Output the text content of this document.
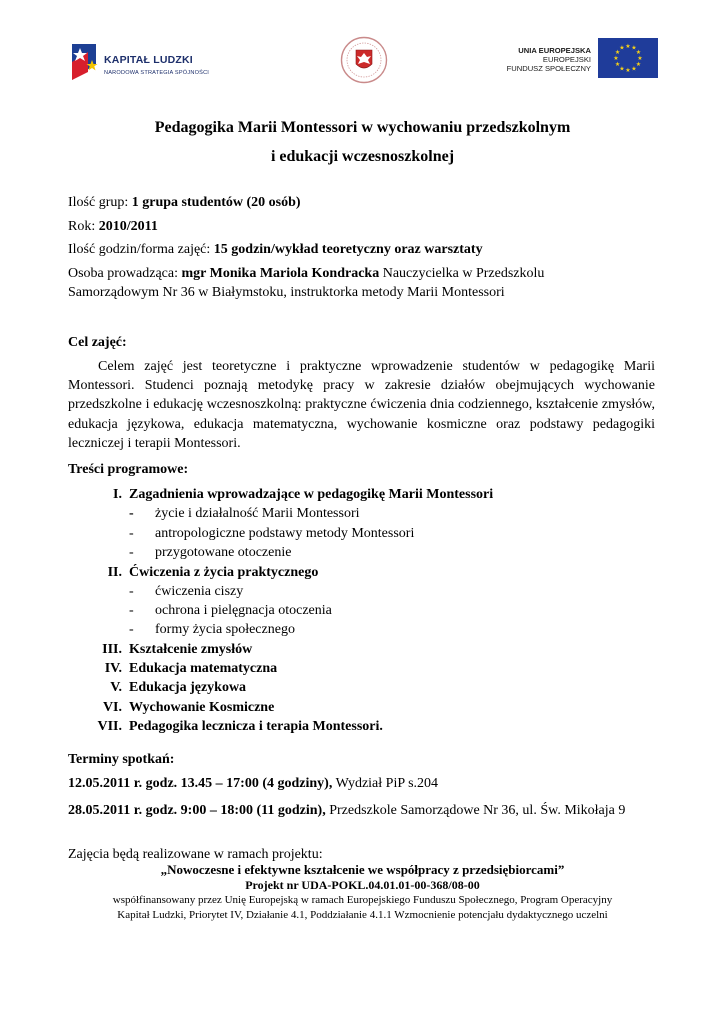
KAPITAŁ LUDZKI
NARODOWA STRATEGIA SPÓJNOŚCI
UNIA EUROPEJSKA
EUROPEJSKI
FUNDUSZ SPOŁECZNY
★ ★
★
★
★
★
★
★
★
★
★
★
Pedagogika Marii Montessori w wychowaniu przedszkolnym
i edukacji wczesnoszkolnej
Ilość grup: 1 grupa studentów (20 osób)
Rok: 2010/2011
Ilość godzin/forma zajęć: 15 godzin/wykład teoretyczny oraz warsztaty
Osoba prowadząca: mgr Monika Mariola Kondracka Nauczycielka w Przedszkolu
Samorządowym Nr 36 w Białymstoku, instruktorka metody Marii Montessori
Cel zajęć:
Celem zajęć jest teoretyczne i praktyczne wprowadzenie studentów w pedagogikę Marii Montessori. Studenci poznają metodykę pracy w zakresie działów obejmujących wychowanie przedszkolne i edukację wczesnoszkolną: praktyczne ćwiczenia dnia codziennego, kształcenie zmysłów, edukacja językowa, edukacja matematyczna, wychowanie kosmiczne oraz podstawy pedagogiki leczniczej i terapii Montessori.
Treści programowe:
I. Zagadnienia wprowadzające w pedagogikę Marii Montessori
- życie i działalność Marii Montessori
- antropologiczne podstawy metody Montessori
- przygotowane otoczenie
II. Ćwiczenia z życia praktycznego
- ćwiczenia ciszy
- ochrona i pielęgnacja otoczenia
- formy życia społecznego
III. Kształcenie zmysłów
IV. Edukacja matematyczna
V. Edukacja językowa
VI. Wychowanie Kosmiczne
VII. Pedagogika lecznicza i terapia Montessori.
Terminy spotkań:
12.05.2011 r. godz. 13.45 – 17:00 (4 godziny), Wydział PiP s.204
28.05.2011 r. godz. 9:00 – 18:00 (11 godzin), Przedszkole Samorządowe Nr 36, ul. Św. Mikołaja 9
Zajęcia będą realizowane w ramach projektu:
„Nowoczesne i efektywne kształcenie we współpracy z przedsiębiorcami”
Projekt nr UDA-POKL.04.01.01-00-368/08-00
współfinansowany przez Unię Europejską w ramach Europejskiego Funduszu Społecznego, Program Operacyjny
Kapitał Ludzki, Priorytet IV, Działanie 4.1, Poddziałanie 4.1.1 Wzmocnienie potencjału dydaktycznego uczelni
